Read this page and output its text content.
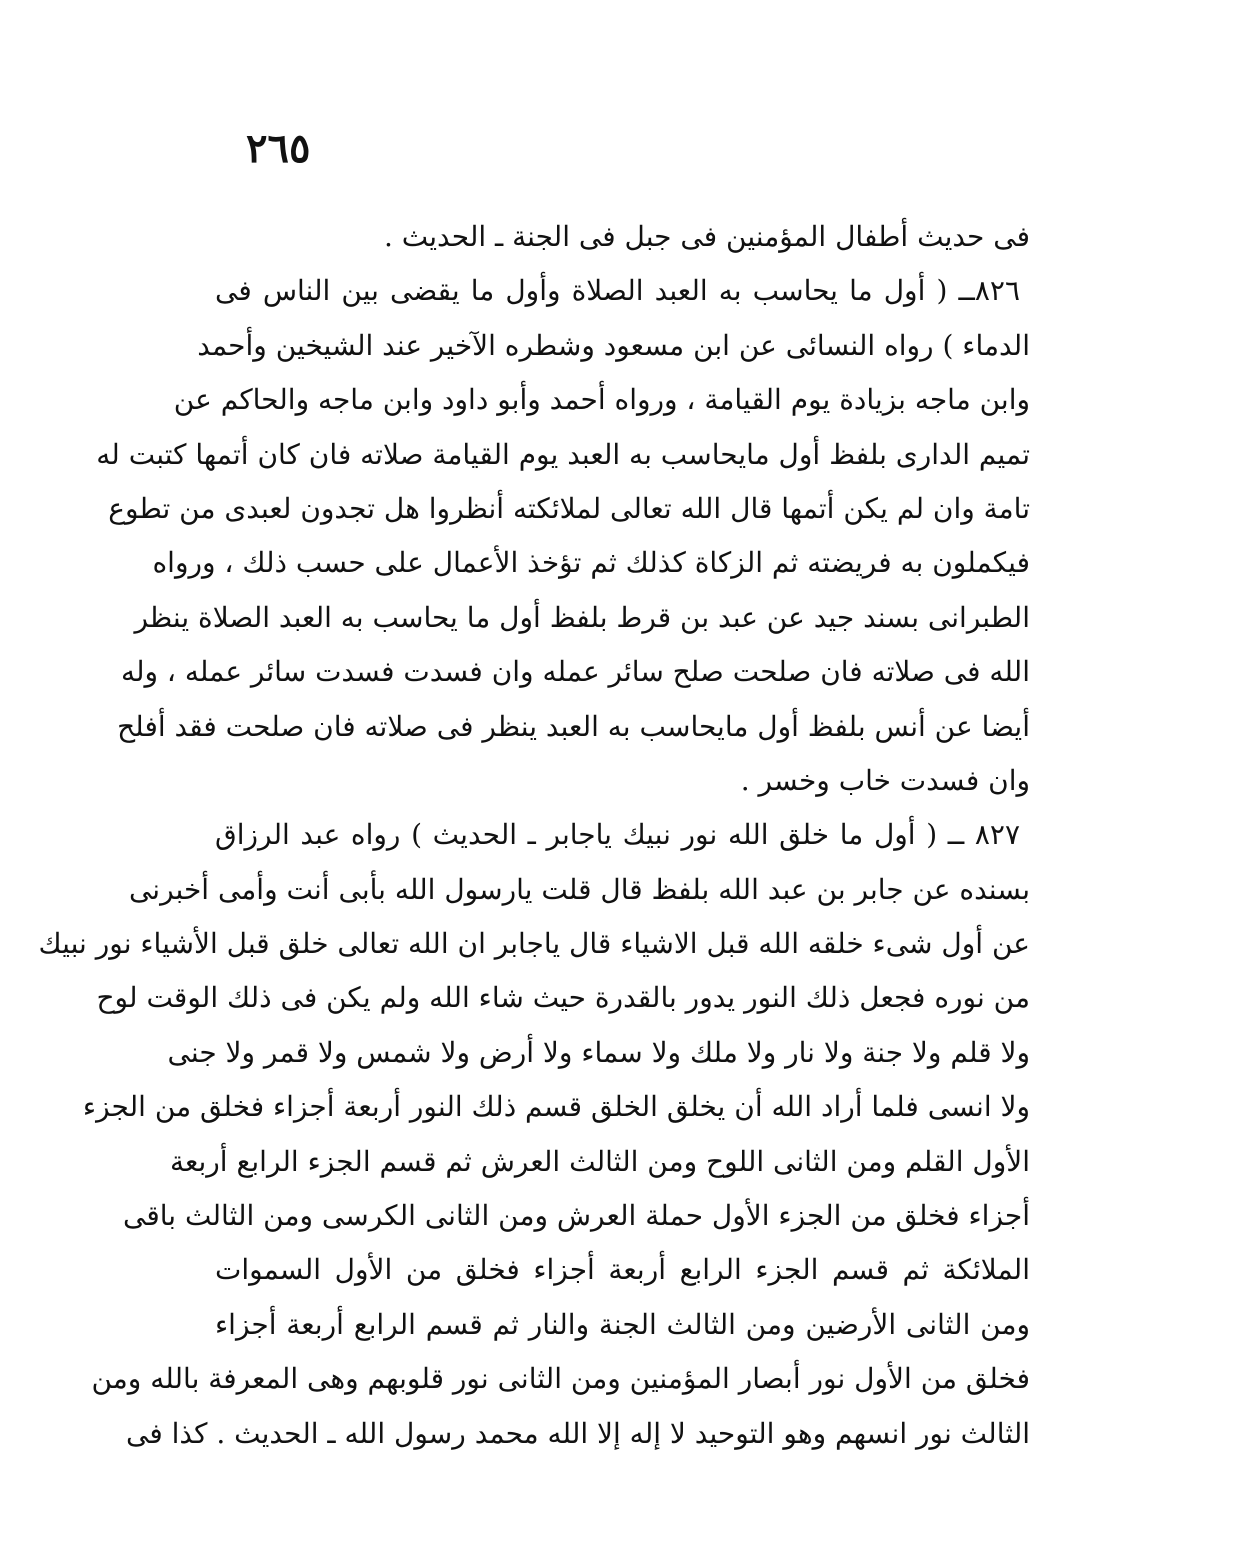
٢٦٥

فى حديث أطفال المؤمنين فى جبل فى الجنة ـ الحديث .

٨٢٦ــ ( أول ما يحاسب به العبد الصلاة وأول ما يقضى بين الناس فى

الدماء ) رواه النسائى عن ابن مسعود وشطره الآخير عند الشيخين وأحمد

وابن ماجه بزيادة يوم القيامة ، ورواه أحمد وأبو داود وابن ماجه والحاكم عن

تميم الدارى بلفظ أول مايحاسب به العبد يوم القيامة صلاته فان كان أتمها كتبت له

تامة وان لم يكن أتمها قال الله تعالى لملائكته أنظروا هل تجدون لعبدى من تطوع

فيكملون به فريضته ثم الزكاة كذلك ثم تؤخذ الأعمال على حسب ذلك ، ورواه

الطبرانى بسند جيد عن عبد بن قرط بلفظ أول ما يحاسب به العبد الصلاة ينظر

الله فى صلاته فان صلحت صلح سائر عمله وان فسدت فسدت سائر عمله ، وله

أيضا عن أنس بلفظ أول مايحاسب به العبد ينظر فى صلاته فان صلحت فقد أفلح

وان فسدت خاب وخسر .

٨٢٧ ــ ( أول ما خلق الله نور نبيك ياجابر ـ الحديث ) رواه عبد الرزاق

بسنده عن جابر بن عبد الله بلفظ قال قلت يارسول الله بأبى أنت وأمى أخبرنى

عن أول شىء خلقه الله قبل الاشياء قال ياجابر ان الله تعالى خلق قبل الأشياء نور نبيك

من نوره فجعل ذلك النور يدور بالقدرة حيث شاء الله ولم يكن فى ذلك الوقت لوح

ولا قلم ولا جنة ولا نار ولا ملك ولا سماء ولا أرض ولا شمس ولا قمر ولا جنى

ولا انسى فلما أراد الله أن يخلق الخلق قسم ذلك النور أربعة أجزاء فخلق من الجزء

الأول القلم ومن الثانى اللوح ومن الثالث العرش ثم قسم الجزء الرابع أربعة

أجزاء فخلق من الجزء الأول حملة العرش ومن الثانى الكرسى ومن الثالث باقى

الملائكة ثم قسم الجزء الرابع أربعة أجزاء فخلق من الأول السموات

ومن الثانى الأرضين ومن الثالث الجنة والنار ثم قسم الرابع أربعة أجزاء

فخلق من الأول نور أبصار المؤمنين ومن الثانى نور قلوبهم وهى المعرفة بالله ومن

الثالث نور انسهم وهو التوحيد لا إله إلا الله محمد رسول الله ـ الحديث . كذا فى
